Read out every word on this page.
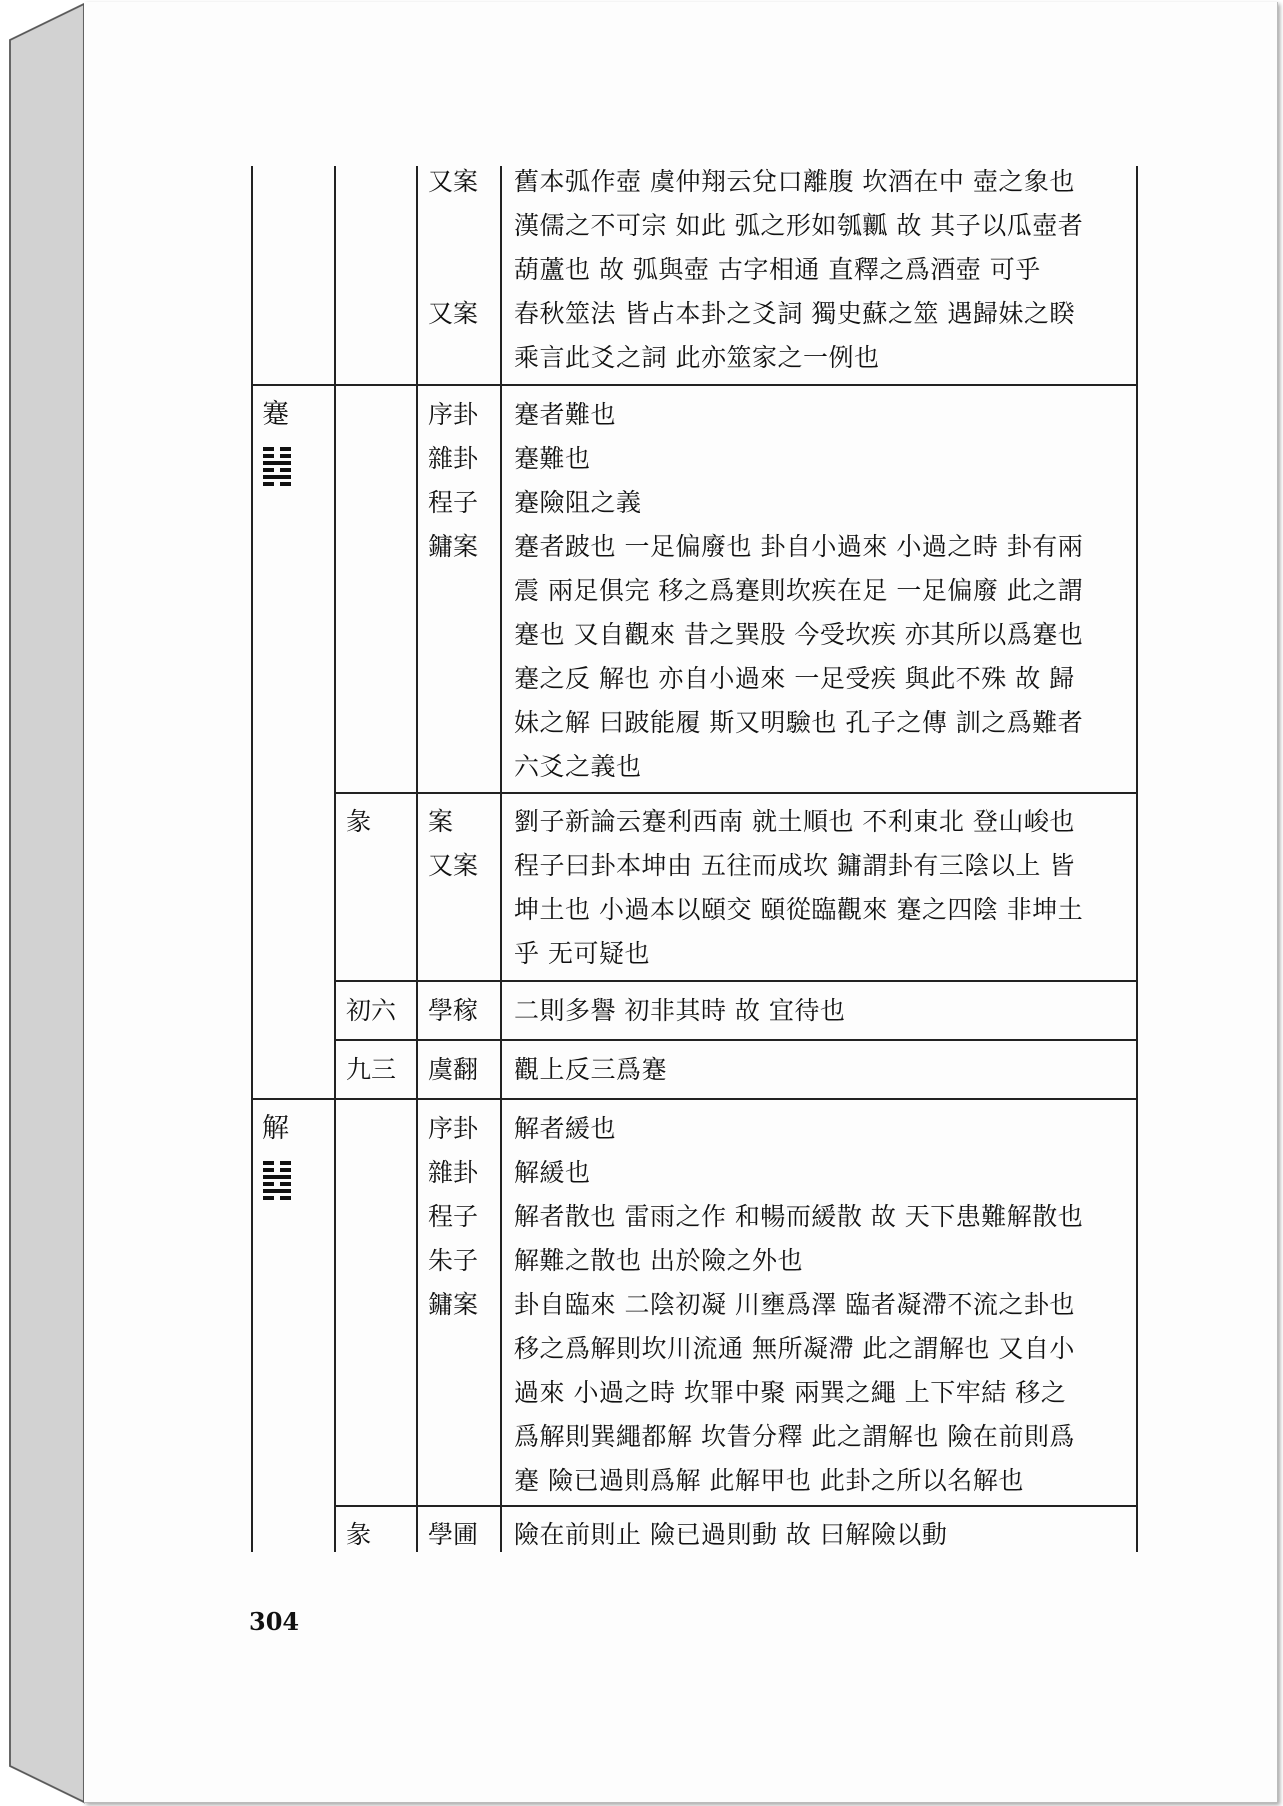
又案 舊本弧作壺 虞仲翔云兌口離腹 坎酒在中 壺之象也
漢儒之不可宗 如此 弧之形如瓠瓤 故 其子以瓜壺者
葫蘆也 故 弧與壺 古字相通 直釋之爲酒壺 可乎
又案 春秋筮法 皆占本卦之爻詞 獨史蘇之筮 遇歸妹之睽
乘言此爻之詞 此亦筮家之一例也
蹇	序卦 蹇者難也
雜卦 蹇難也
程子 蹇險阻之義
鏞案 蹇者跛也 一足偏廢也 卦自小過來 小過之時 卦有兩
震 兩足俱完 移之爲蹇則坎疾在足 一足偏廢 此之謂
蹇也 又自觀來 昔之巽股 今受坎疾 亦其所以爲蹇也
蹇之反 解也 亦自小過來 一足受疾 與此不殊 故 歸
妹之解 曰跛能履 斯又明驗也 孔子之傳 訓之爲難者
六爻之義也
彖 案
又案
劉子新論云蹇利西南 就土順也 不利東北 登山峻也
程子曰卦本坤由 五往而成坎 鏞謂卦有三陰以上 皆
坤土也 小過本以頤交 頤從臨觀來 蹇之四陰 非坤土
乎 无可疑也
初六 學稼 二則多譽 初非其時 故 宜待也
九三 虞翻 觀上反三爲蹇
解	序卦 解者緩也
雜卦 解緩也
程子 解者散也 雷雨之作 和暢而緩散 故 天下患難解散也
朱子 解難之散也 出於險之外也
鏞案 卦自臨來 二陰初凝 川壅爲澤 臨者凝滯不流之卦也
移之爲解則坎川流通 無所凝滯 此之謂解也 又自小
過來 小過之時 坎罪中聚 兩巽之繩 上下牢結 移之
爲解則巽繩都解 坎眚分釋 此之謂解也 險在前則爲
蹇 險已過則爲解 此解甲也 此卦之所以名解也
彖 學圃 險在前則止 險已過則動 故 曰解險以動
304
